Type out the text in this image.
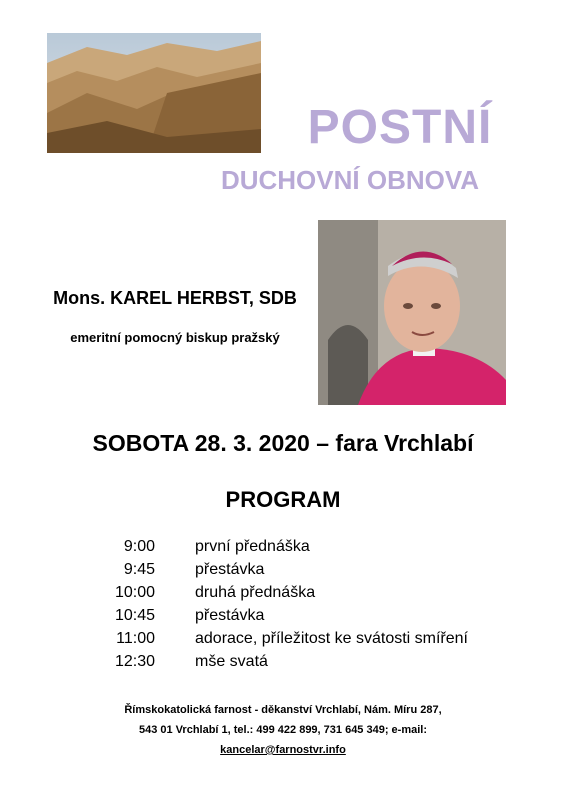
POSTNÍ
DUCHOVNÍ OBNOVA
Mons. KAREL HERBST, SDB
emeritní pomocný biskup pražský
SOBOTA 28. 3. 2020 – fara Vrchlabí
PROGRAM
9:00	první přednáška
9:45	přestávka
10:00	druhá přednáška
10:45	přestávka
11:00	adorace, příležitost ke svátosti smíření
12:30	mše svatá
Římskokatolická farnost - děkanství Vrchlabí, Nám. Míru 287,
543 01 Vrchlabí 1, tel.: 499 422 899, 731 645 349; e-mail:
kancelar@farnostvr.info
